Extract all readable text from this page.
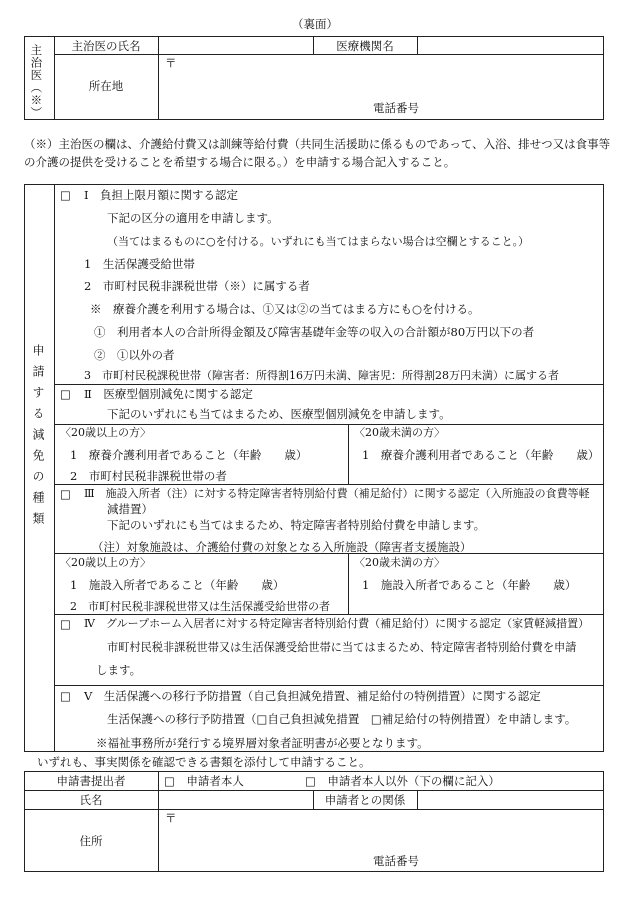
（裏面）
主治医（※）	主治医の氏名	医療機関名
所在地
〒
電話番号
（※）主治医の欄は、介護給付費又は訓練等給付費（共同生活援助に係るものであって、入浴、排せつ又は食事等
の介護の提供を受けることを希望する場合に限る。）を申請する場合記入すること。
申請する減免の種類
□ Ⅰ　負担上限月額に関する認定
下記の区分の適用を申請します。
（当てはまるものに○を付ける。いずれにも当てはまらない場合は空欄とすること。）
1　生活保護受給世帯
2　市町村民税非課税世帯（※）に属する者
※　療養介護を利用する場合は、①又は②の当てはまる方にも○を付ける。
①　利用者本人の合計所得金額及び障害基礎年金等の収入の合計額が80万円以下の者
②　①以外の者
3　市町村民税課税世帯（障害者：所得割16万円未満、障害児：所得割28万円未満）に属する者
□ Ⅱ　医療型個別減免に関する認定
下記のいずれにも当てはまるため、医療型個別減免を申請します。
〈20歳以上の方〉
1　療養介護利用者であること（年齢　　歳）
2　市町村民税非課税世帯の者
〈20歳未満の方〉
1　療養介護利用者であること（年齢　　歳）
□ Ⅲ　施設入所者（注）に対する特定障害者特別給付費（補足給付）に関する認定（入所施設の食費等軽
減措置）
下記のいずれにも当てはまるため、特定障害者特別給付費を申請します。
（注）対象施設は、介護給付費の対象となる入所施設（障害者支援施設）
〈20歳以上の方〉
1　施設入所者であること（年齢　　歳）
2　市町村民税非課税世帯又は生活保護受給世帯の者
〈20歳未満の方〉
1　施設入所者であること（年齢　　歳）
□ Ⅳ　グループホーム入居者に対する特定障害者特別給付費（補足給付）に関する認定（家賃軽減措置）
市町村民税非課税世帯又は生活保護受給世帯に当てはまるため、特定障害者特別給付費を申請
します。
□ Ⅴ　生活保護への移行予防措置（自己負担減免措置、補足給付の特例措置）に関する認定
生活保護への移行予防措置（□自己負担減免措置　□補足給付の特例措置）を申請します。
※福祉事務所が発行する境界層対象者証明書が必要となります。
いずれも、事実関係を確認できる書類を添付して申請すること。
申請書提出者	□　申請者本人	□　申請者本人以外（下の欄に記入）
氏名	申請者との関係
住所
〒
電話番号
